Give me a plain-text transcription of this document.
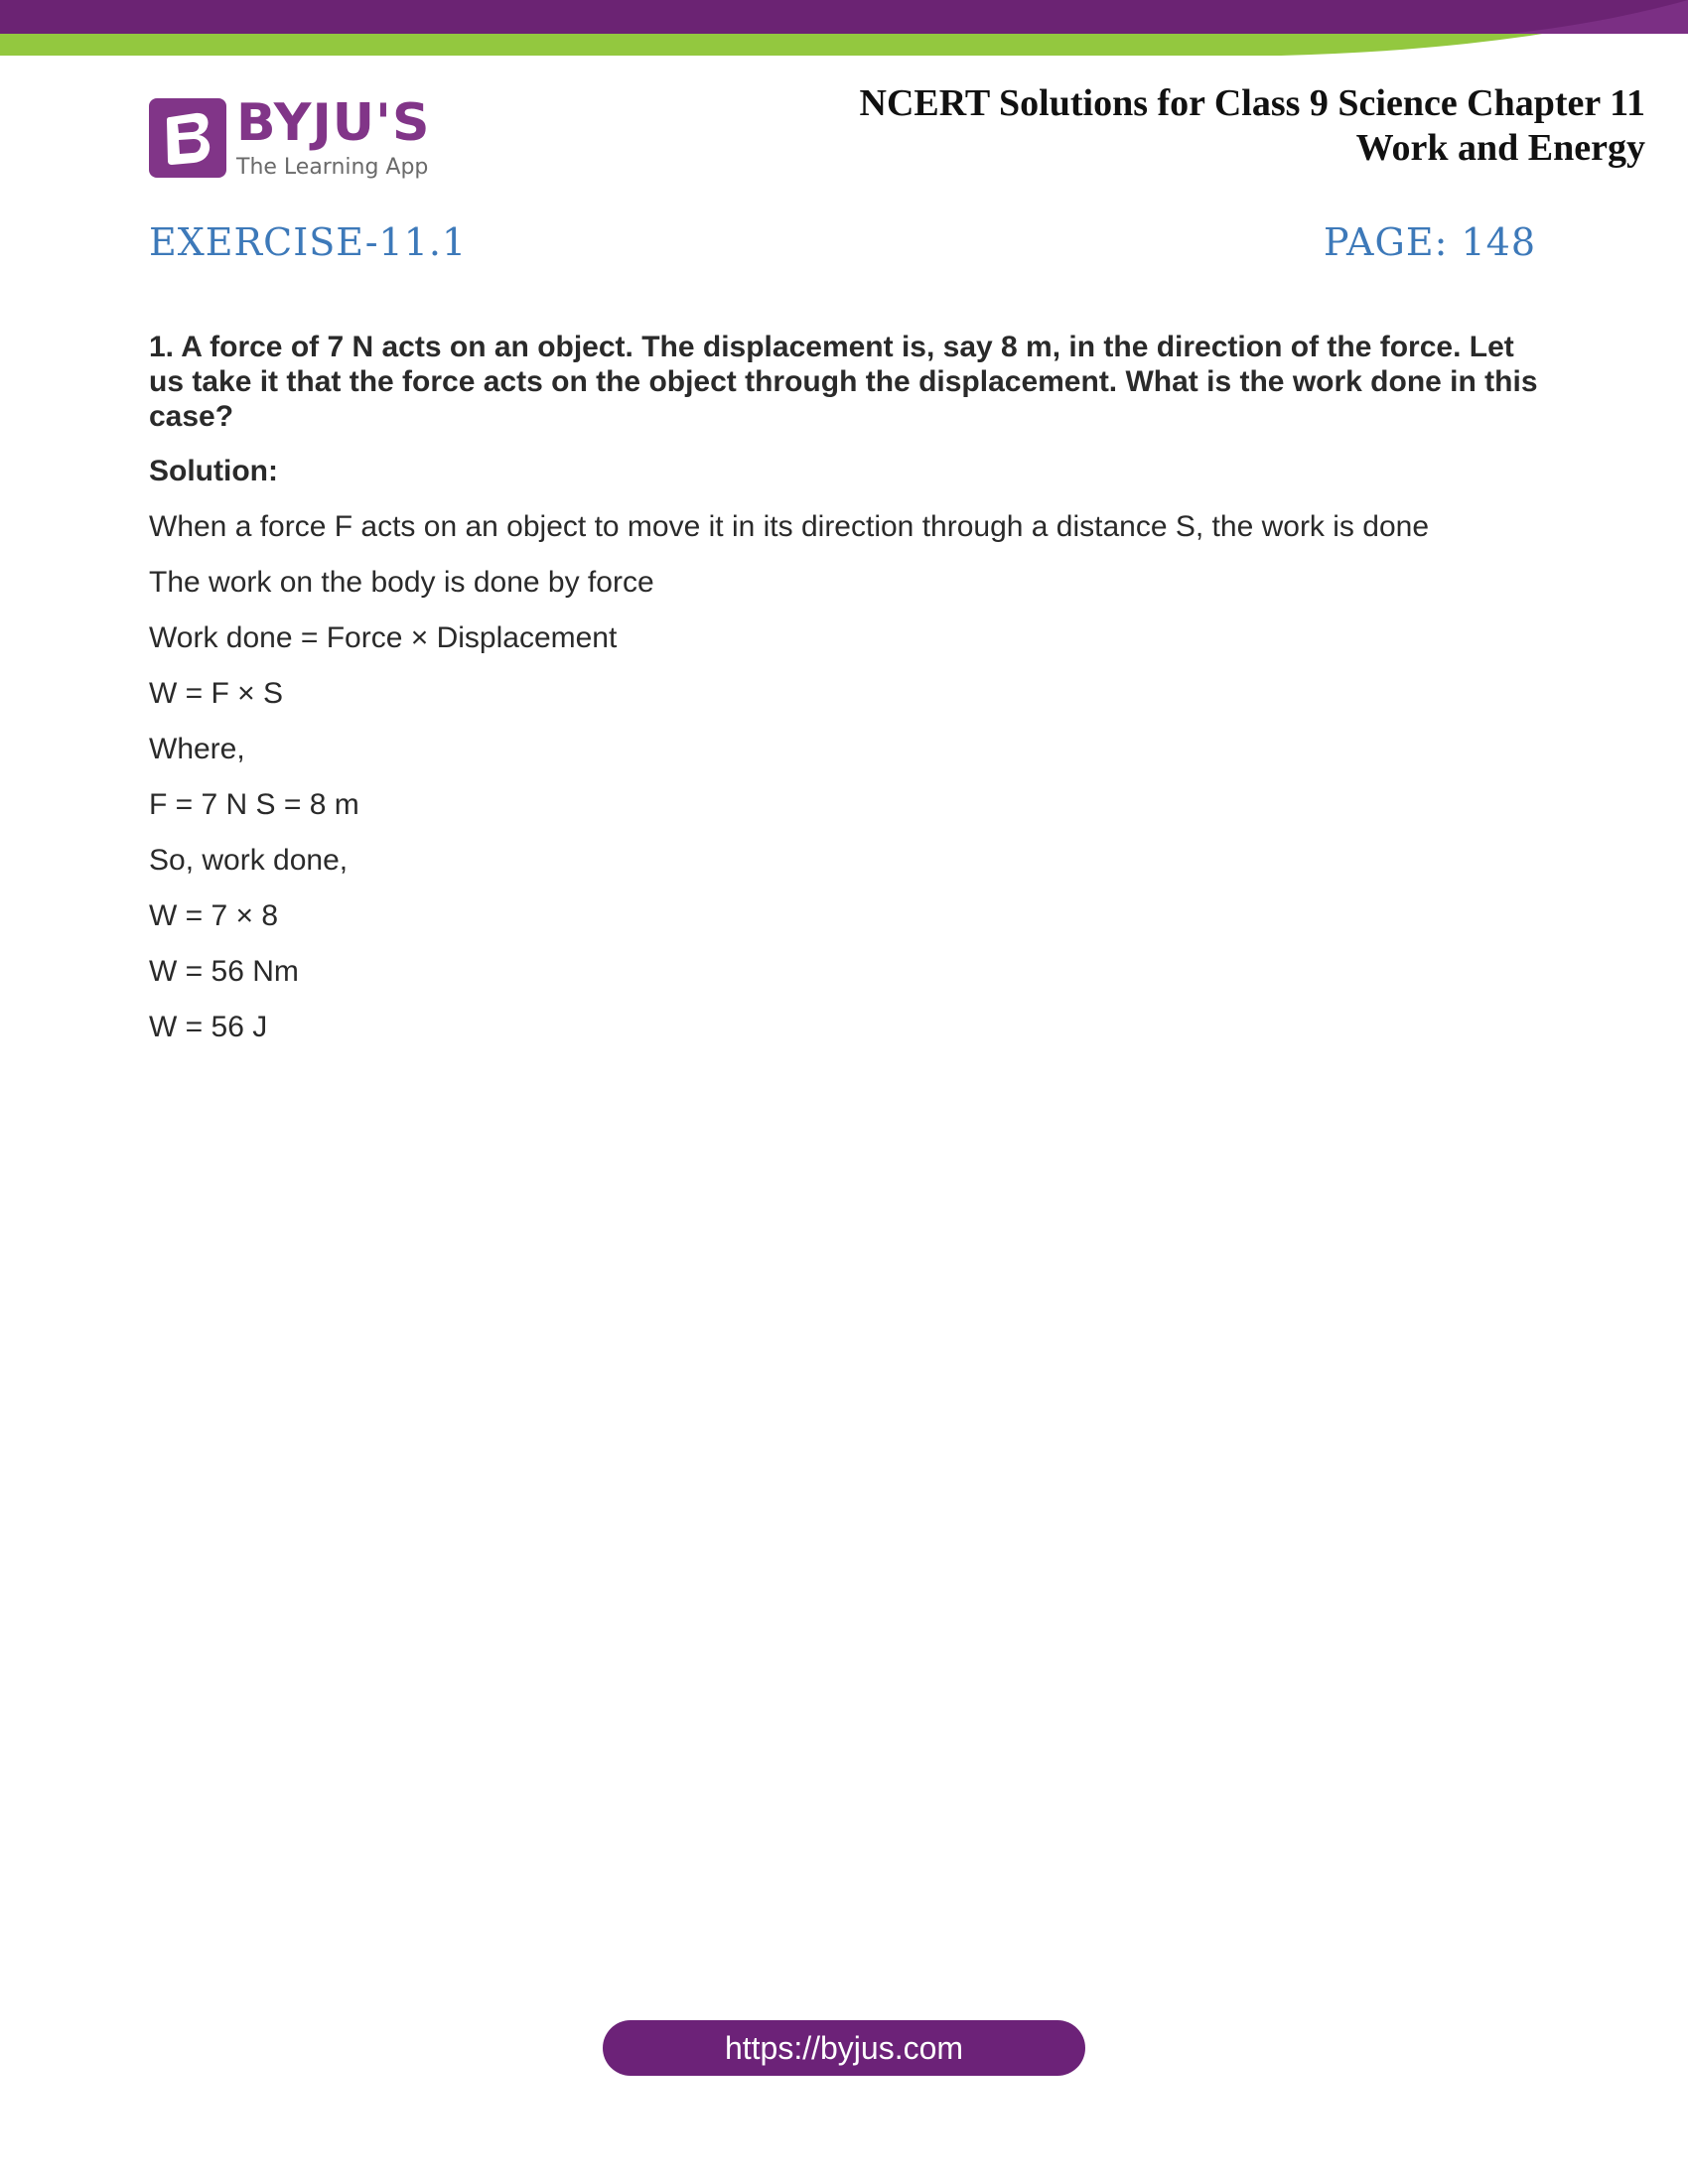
BYJU'S
The Learning App
NCERT Solutions for Class 9 Science Chapter 11
Work and Energy
EXERCISE-11.1	PAGE: 148

1. A force of 7 N acts on an object. The displacement is, say 8 m, in the direction of the force. Let us take it that the force acts on the object through the displacement. What is the work done in this case?

Solution:

When a force F acts on an object to move it in its direction through a distance S, the work is done

The work on the body is done by force

Work done = Force × Displacement

W = F × S

Where,

F = 7 N S = 8 m

So, work done,

W = 7 × 8

W = 56 Nm

W = 56 J

https://byjus.com
